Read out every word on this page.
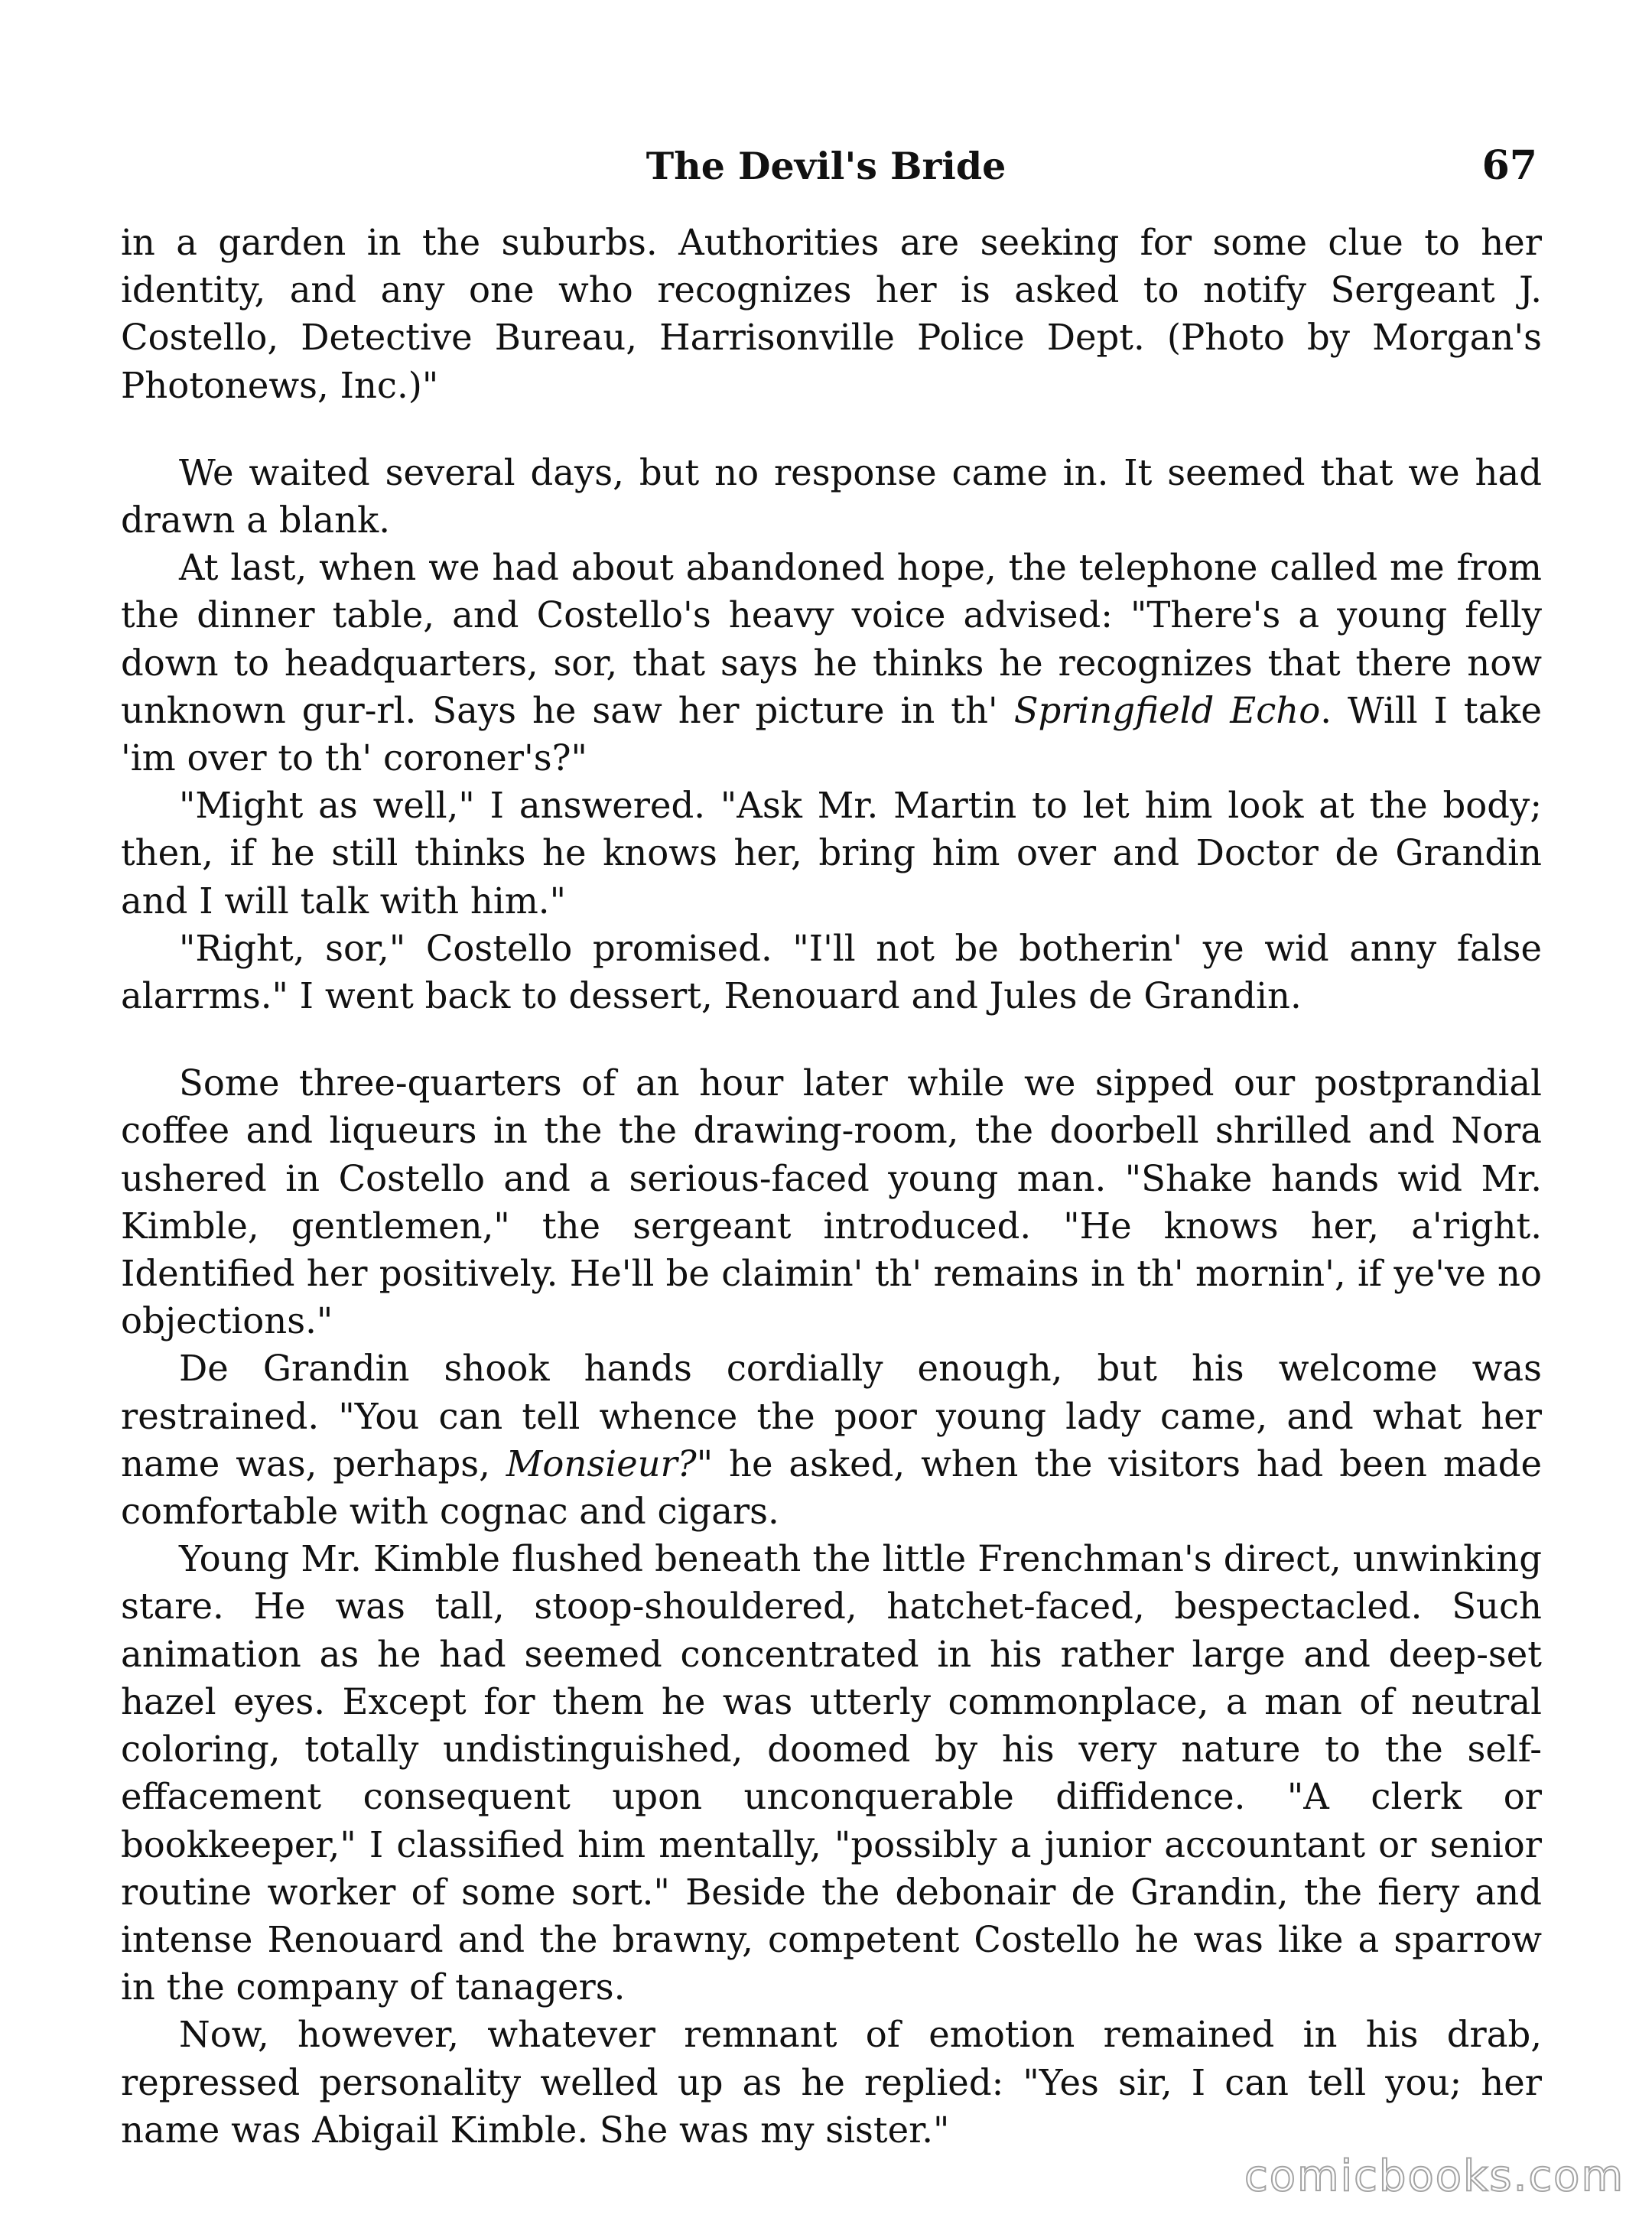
The Devil's Bride	67

in a garden in the suburbs. Authorities are seeking for some clue to her identity, and any one who recognizes her is asked to notify Sergeant J. Costello, Detective Bureau, Harrisonville Police Dept. (Photo by Morgan's Photonews, Inc.)"

We waited several days, but no response came in. It seemed that we had drawn a blank.

At last, when we had about abandoned hope, the telephone called me from the dinner table, and Costello's heavy voice advised: "There's a young felly down to headquarters, sor, that says he thinks he recognizes that there now unknown gur-rl. Says he saw her picture in th' Springfield Echo. Will I take 'im over to th' coroner's?"

"Might as well," I answered. "Ask Mr. Martin to let him look at the body; then, if he still thinks he knows her, bring him over and Doctor de Grandin and I will talk with him."

"Right, sor," Costello promised. "I'll not be botherin' ye wid anny false alarrms." I went back to dessert, Renouard and Jules de Grandin.

Some three-quarters of an hour later while we sipped our postprandial coffee and liqueurs in the the drawing-room, the doorbell shrilled and Nora ushered in Costello and a serious-faced young man. "Shake hands wid Mr. Kimble, gentlemen," the sergeant introduced. "He knows her, a'right. Identified her positively. He'll be claimin' th' remains in th' mornin', if ye've no objections."

De Grandin shook hands cordially enough, but his welcome was restrained. "You can tell whence the poor young lady came, and what her name was, perhaps, Monsieur?" he asked, when the visitors had been made comfortable with cognac and cigars.

Young Mr. Kimble flushed beneath the little Frenchman's direct, unwinking stare. He was tall, stoop-shouldered, hatchet-faced, bespectacled. Such animation as he had seemed concentrated in his rather large and deep-set hazel eyes. Except for them he was utterly commonplace, a man of neutral coloring, totally undistinguished, doomed by his very nature to the self-effacement consequent upon unconquerable diffidence. "A clerk or bookkeeper," I classified him mentally, "possibly a junior accountant or senior routine worker of some sort." Beside the debonair de Grandin, the fiery and intense Renouard and the brawny, competent Costello he was like a sparrow in the company of tanagers.

Now, however, whatever remnant of emotion remained in his drab, repressed personality welled up as he replied: "Yes sir, I can tell you; her name was Abigail Kimble. She was my sister."

comicbooks.com
